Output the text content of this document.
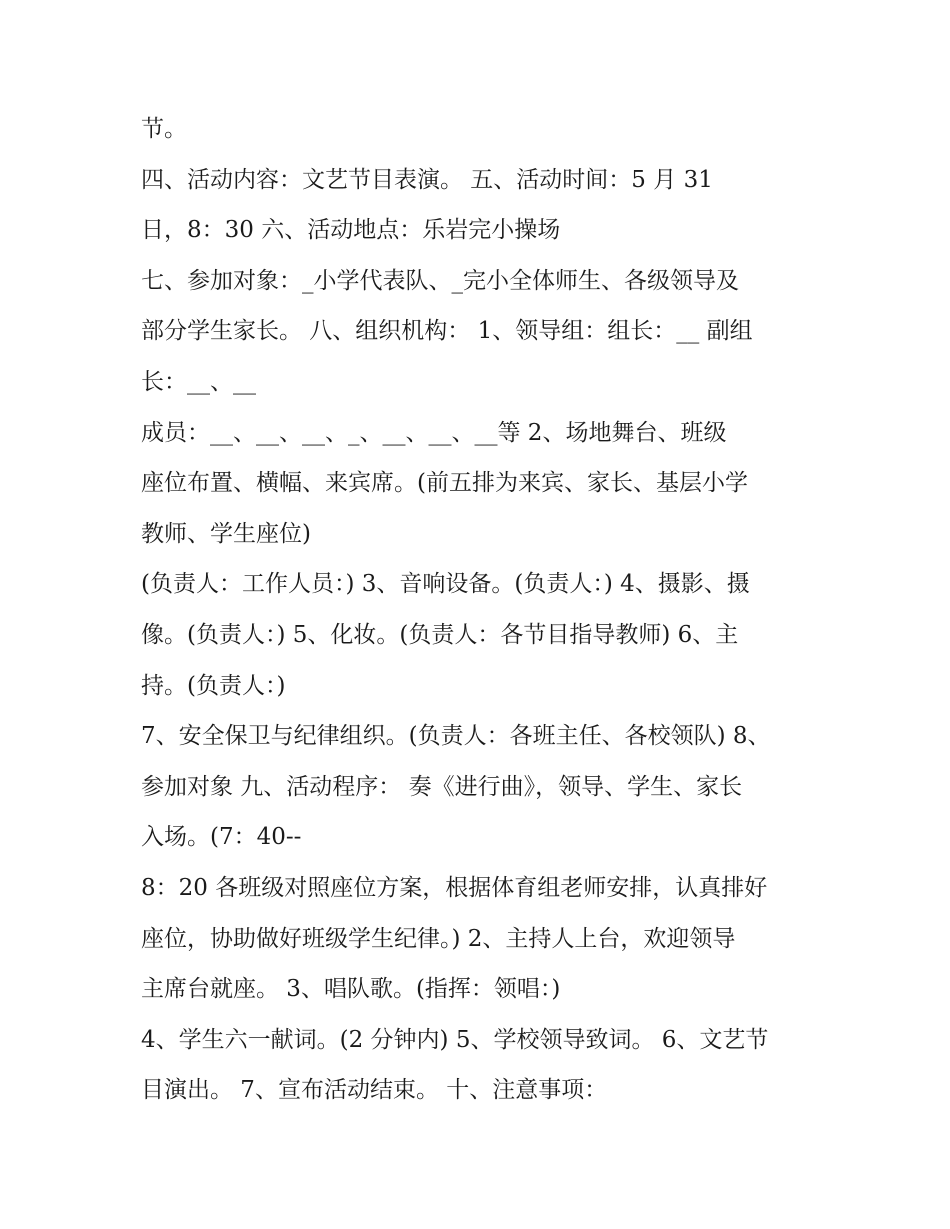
节。
四、活动内容：文艺节目表演。 五、活动时间：5 月 31
日，8：30 六、活动地点：乐岩完小操场
七、参加对象：_小学代表队、_完小全体师生、各级领导及
部分学生家长。 八、组织机构： 1、领导组：组长：__ 副组
长：__、__
成员：__、__、__、_、__、__、__等 2、场地舞台、班级
座位布置、横幅、来宾席。(前五排为来宾、家长、基层小学
教师、学生座位)
(负责人：工作人员：) 3、音响设备。(负责人：) 4、摄影、摄
像。(负责人：) 5、化妆。(负责人：各节目指导教师) 6、主
持。(负责人：)
7、安全保卫与纪律组织。(负责人：各班主任、各校领队) 8、
参加对象 九、活动程序： 奏《进行曲》，领导、学生、家长
入场。(7：40--
8：20 各班级对照座位方案，根据体育组老师安排，认真排好
座位，协助做好班级学生纪律。) 2、主持人上台，欢迎领导
主席台就座。 3、唱队歌。(指挥：领唱：)
4、学生六一献词。(2 分钟内) 5、学校领导致词。 6、文艺节
目演出。 7、宣布活动结束。 十、注意事项：
